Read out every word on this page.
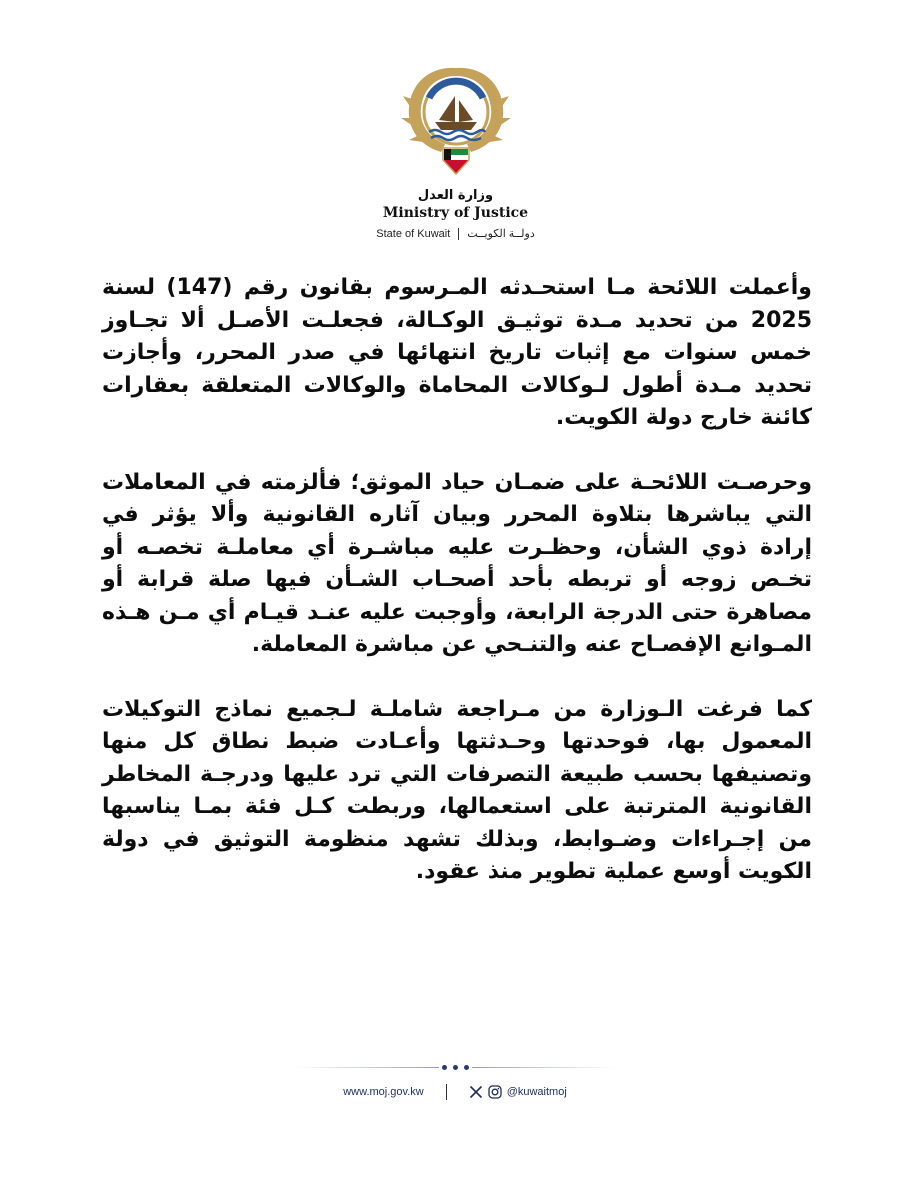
وزارة العدل
Ministry of Justice
State of Kuwait دولــة الكويــت

وأعملت اللائحة مـا استحـدثه المـرسوم بقانون رقم (147) لسنة 2025 من تحديد مـدة توثيـق الوكـالة، فجعلـت الأصـل ألا تجـاوز خمس سنوات مع إثبات تاريخ انتهائها في صدر المحرر، وأجازت تحديد مـدة أطول لـوكالات المحاماة والوكالات المتعلقة بعقارات كائنة خارج دولة الكويت.

وحرصـت اللائحـة على ضمـان حياد الموثق؛ فألزمته في المعاملات التي يباشرها بتلاوة المحرر وبيان آثاره القانونية وألا يؤثر في إرادة ذوي الشأن، وحظـرت عليه مباشـرة أي معاملـة تخصـه أو تخـص زوجه أو تربطه بأحد أصحـاب الشـأن فيها صلة قرابة أو مصاهرة حتى الدرجة الرابعة، وأوجبت عليه عنـد قيـام أي مـن هـذه المـوانع الإفصـاح عنه والتنـحي عن مباشرة المعاملة.

كما فرغت الـوزارة من مـراجعة شاملـة لـجميع نماذج التوكيلات المعمول بها، فوحدتها وحـدثتها وأعـادت ضبط نطاق كل منها وتصنيفها بحسب طبيعة التصرفات التي ترد عليها ودرجـة المخاطر القانونية المترتبة على استعمالها، وربطت كـل فئة بمـا يناسبها من إجـراءات وضـوابط، وبذلك تشهد منظومة التوثيق في دولة الكويت أوسع عملية تطوير منذ عقود.

www.moj.gov.kw	@kuwaitmoj
